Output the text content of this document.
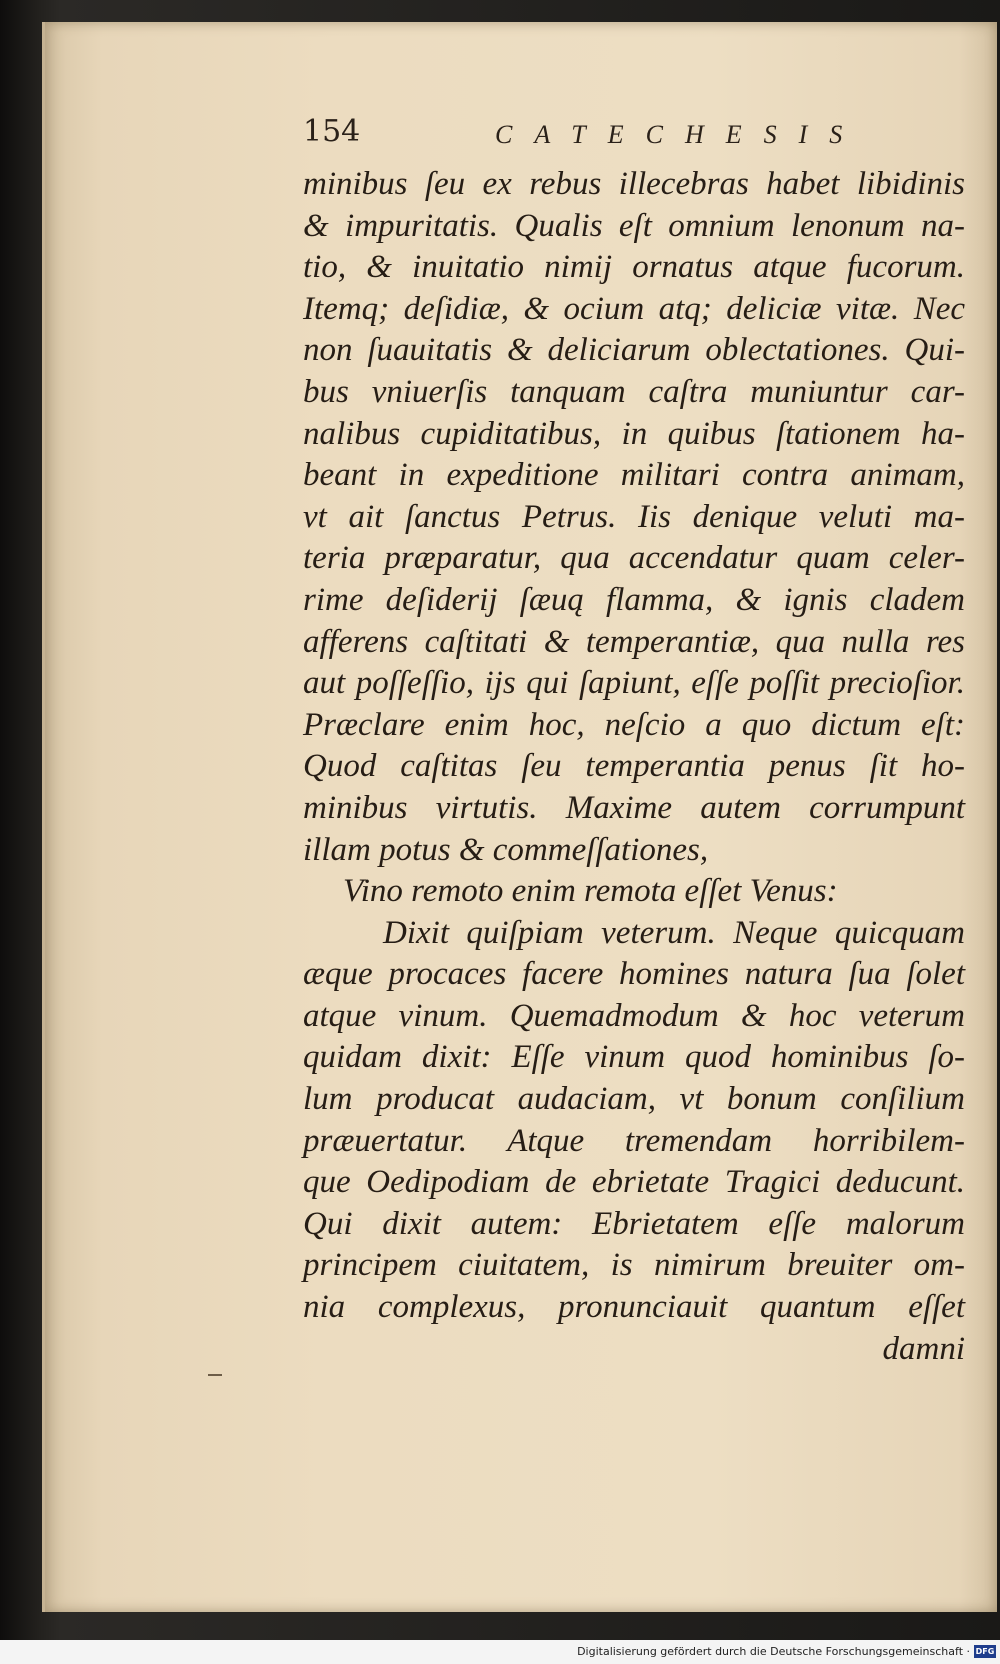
154	CATECHESIS
minibus ſeu ex rebus illecebras habet libidinis
& impuritatis. Qualis eſt omnium lenonum na-
tio, & inuitatio nimij ornatus atque fucorum.
Itemq; deſidiæ, & ocium atq; deliciæ vitæ. Nec
non ſuauitatis & deliciarum oblectationes. Qui-
bus vniuerſis tanquam caſtra muniuntur car-
nalibus cupiditatibus, in quibus ſtationem ha-
beant in expeditione militari contra animam,
vt ait ſanctus Petrus. Iis denique veluti ma-
teria præparatur, qua accendatur quam celer-
rime deſiderij ſæuą flamma, & ignis cladem
afferens caſtitati & temperantiæ, qua nulla res
aut poſſeſſio, ijs qui ſapiunt, eſſe poſſit precioſior.
Præclare enim hoc, neſcio a quo dictum eſt:
Quod caſtitas ſeu temperantia penus ſit ho-
minibus virtutis. Maxime autem corrumpunt
illam potus & commeſſationes,
Vino remoto enim remota eſſet Venus:
Dixit quiſpiam veterum. Neque quicquam
æque procaces facere homines natura ſua ſolet
atque vinum. Quemadmodum & hoc veterum
quidam dixit: Eſſe vinum quod hominibus ſo-
lum producat audaciam, vt bonum conſilium
præuertatur. Atque tremendam horribilem-
que Oedipodiam de ebrietate Tragici deducunt.
Qui dixit autem: Ebrietatem eſſe malorum
principem ciuitatem, is nimirum breuiter om-
nia complexus, pronunciauit quantum eſſet
damni
Digitalisierung gefördert durch die Deutsche Forschungsgemeinschaft · DFG
